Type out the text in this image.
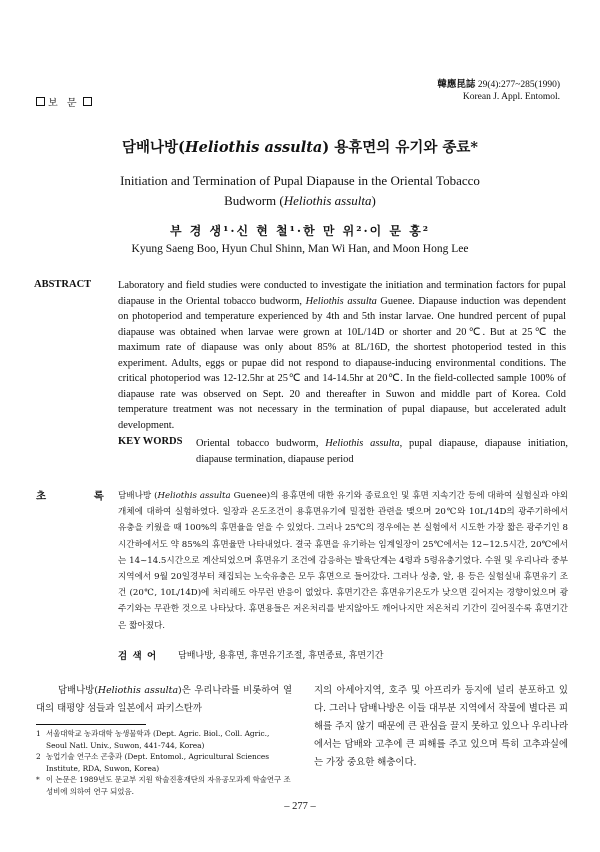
보 문
韓應昆誌 29(4):277~285(1990)
Korean J. Appl. Entomol.
담배나방(Heliothis assulta) 용휴면의 유기와 종료*
Initiation and Termination of Pupal Diapause in the Oriental Tobacco
Budworm (Heliothis assulta)
부 경 생¹·신 현 철¹·한 만 위²·이 문 홍²
Kyung Saeng Boo, Hyun Chul Shinn, Man Wi Han, and Moon Hong Lee
ABSTRACT	Laboratory and field studies were conducted to investigate the initiation and termination factors for pupal diapause in the Oriental tobacco budworm, Heliothis assulta Guenee. Diapause induction was dependent on photoperiod and temperature experienced by 4th and 5th instar larvae. One hundred percent of pupal diapause was obtained when larvae were grown at 10L/14D or shorter and 20℃. But at 25℃ the maximum rate of diapause was only about 85% at 8L/16D, the shortest photoperiod tested in this experiment. Adults, eggs or pupae did not respond to diapause-inducing environmental conditions. The critical photoperiod was 12-12.5hr at 25℃ and 14-14.5hr at 20℃. In the field-collected sample 100% of diapause rate was observed on Sept. 20 and thereafter in Suwon and middle part of Korea. Cold temperature treatment was not necessary in the termination of pupal diapause, but accelerated adult development.
KEY WORDS Oriental tobacco budworm, Heliothis assulta, pupal diapause, diapause initiation, diapause termination, diapause period
초 록
담배나방 (Heliothis assulta Guenee)의 용휴면에 대한 유기와 종료요인 및 휴면 지속기간 등에 대하여 실험실과 야외개체에 대하여 실험하였다. 일장과 온도조건이 용휴면유기에 밀접한 관련을 맺으며 20℃와 10L/14D의 광주기하에서 유충을 키웠을 때 100%의 휴면율을 얻을 수 있었다. 그러나 25℃의 경우에는 본 실험에서 시도한 가장 짧은 광주기인 8시간하에서도 약 85%의 휴면율만 나타내었다. 결국 휴면을 유기하는 임계일장이 25℃에서는 12~12.5시간, 20℃에서는 14~14.5시간으로 계산되었으며 휴면유기 조건에 감응하는 발육단계는 4령과 5령유충기였다. 수원 및 우리나라 중부지역에서 9월 20일경부터 채집되는 노숙유충은 모두 휴면으로 들어갔다. 그러나 성충, 알, 용 등은 실험실내 휴면유기 조건 (20℃, 10L/14D)에 처리해도 아무런 반응이 없었다. 휴면기간은 휴면유기온도가 낮으면 길어지는 경향이었으며 광주기와는 무관한 것으로 나타났다. 휴면용들은 저온처리를 받지않아도 깨어나지만 저온처리 기간이 길어질수록 휴면기간은 짧아졌다.
검 색 어 담배나방, 용휴면, 휴면유기조절, 휴면종료, 휴면기간
담배나방(Heliothis assulta)은 우리나라를 비롯하여 열대의 태평양 섬들과 일본에서 파키스탄까
지의 아세아지역, 호주 및 아프리카 등지에 널리 분포하고 있다. 그러나 담배나방은 이들 대부분 지역에서 작물에 별다른 피해를 주지 않기 때문에 큰 관심을 끌지 못하고 있으나 우리나라에서는 담배와 고추에 큰 피해를 주고 있으며 특히 고추과실에는 가장 중요한 해충이다.
1 서울대학교 농과대학 농생물학과 (Dept. Agric. Biol., Coll. Agric., Seoul Natl. Univ., Suwon, 441-744, Korea)
2 농업기술 연구소 곤충과 (Dept. Entomol., Agricultural Sciences Institute, RDA, Suwon, Korea)
* 이 논문은 1989년도 문교부 지원 학술진흥재단의 자유공모과제 학술연구 조성비에 의하여 연구 되었음.
– 277 –
